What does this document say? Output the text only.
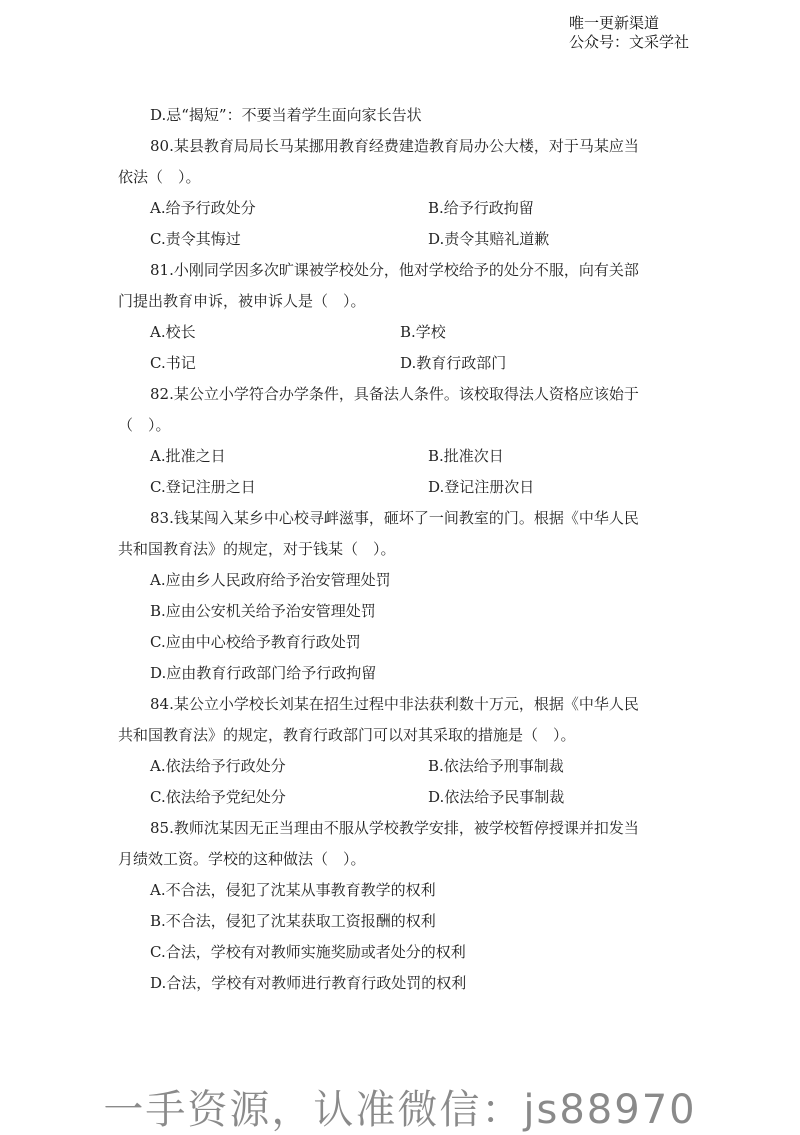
唯一更新渠道
公众号：文采学社
D.忌“揭短”：不要当着学生面向家长告状
80.某县教育局局长马某挪用教育经费建造教育局办公大楼，对于马某应当
依法（　）。
A.给予行政处分	B.给予行政拘留
C.责令其悔过	D.责令其赔礼道歉
81.小刚同学因多次旷课被学校处分，他对学校给予的处分不服，向有关部
门提出教育申诉，被申诉人是（　）。
A.校长	B.学校
C.书记	D.教育行政部门
82.某公立小学符合办学条件，具备法人条件。该校取得法人资格应该始于
（　）。
A.批准之日	B.批准次日
C.登记注册之日	D.登记注册次日
83.钱某闯入某乡中心校寻衅滋事，砸坏了一间教室的门。根据《中华人民
共和国教育法》的规定，对于钱某（　）。
A.应由乡人民政府给予治安管理处罚
B.应由公安机关给予治安管理处罚
C.应由中心校给予教育行政处罚
D.应由教育行政部门给予行政拘留
84.某公立小学校长刘某在招生过程中非法获利数十万元，根据《中华人民
共和国教育法》的规定，教育行政部门可以对其采取的措施是（　）。
A.依法给予行政处分	B.依法给予刑事制裁
C.依法给予党纪处分	D.依法给予民事制裁
85.教师沈某因无正当理由不服从学校教学安排，被学校暂停授课并扣发当
月绩效工资。学校的这种做法（　）。
A.不合法，侵犯了沈某从事教育教学的权利
B.不合法，侵犯了沈某获取工资报酬的权利
C.合法，学校有对教师实施奖励或者处分的权利
D.合法，学校有对教师进行教育行政处罚的权利
一手资源，认准微信：js88970
